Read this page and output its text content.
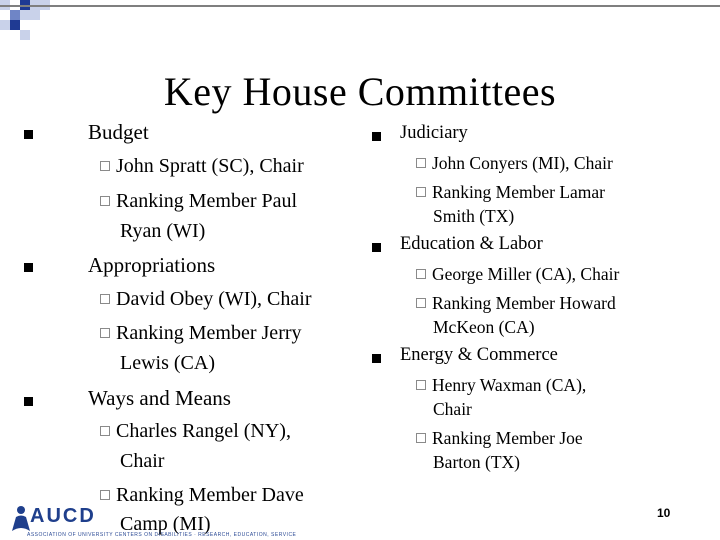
Key House Committees
Budget
John Spratt (SC), Chair
Ranking Member Paul
Ryan (WI)
Appropriations
David Obey (WI), Chair
Ranking Member Jerry
Lewis (CA)
Ways and Means
Charles Rangel (NY),
Chair
Ranking Member Dave
Camp (MI)
Judiciary
John Conyers (MI), Chair
Ranking Member Lamar
Smith (TX)
Education & Labor
George Miller (CA), Chair
Ranking Member Howard
McKeon (CA)
Energy & Commerce
Henry Waxman (CA),
Chair
Ranking Member Joe
Barton (TX)
AUCD
ASSOCIATION OF UNIVERSITY CENTERS ON DISABILITIES · RESEARCH, EDUCATION, SERVICE
10
